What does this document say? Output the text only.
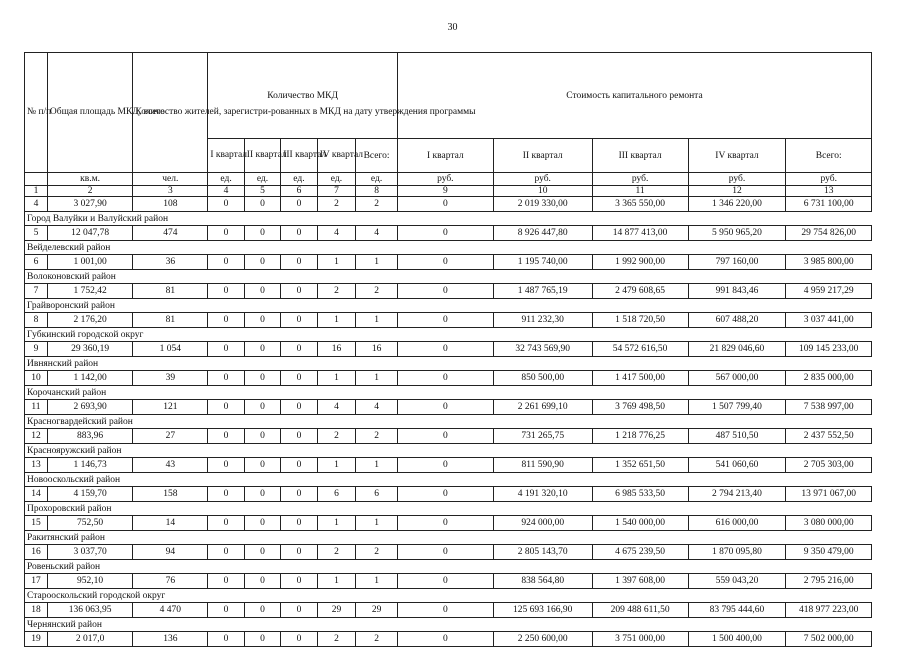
30
№ п/п	Общая площадь МКД, всего	Количество жителей, зарегистри-рованных в МКД на дату утверждения программы	Количество МКД					Стоимость капитального ремонта				
			I квартал	II квартал	III квартал	IV квартал	Всего:	I квартал	II квартал	III квартал	IV квартал	Всего:
	кв.м.	чел.	ед.	ед.	ед.	ед.	ед.	руб.	руб.	руб.	руб.	руб.
1	2	3	4	5	6	7	8	9	10	11	12	13
4	3 027,90	108	0	0	0	2	2	0	2 019 330,00	3 365 550,00	1 346 220,00	6 731 100,00
Город Валуйки и Валуйский район												
5	12 047,78	474	0	0	0	4	4	0	8 926 447,80	14 877 413,00	5 950 965,20	29 754 826,00
Вейделевский район												
6	1 001,00	36	0	0	0	1	1	0	1 195 740,00	1 992 900,00	797 160,00	3 985 800,00
Волоконовский район												
7	1 752,42	81	0	0	0	2	2	0	1 487 765,19	2 479 608,65	991 843,46	4 959 217,29
Грайворонский район												
8	2 176,20	81	0	0	0	1	1	0	911 232,30	1 518 720,50	607 488,20	3 037 441,00
Губкинский городской округ												
9	29 360,19	1 054	0	0	0	16	16	0	32 743 569,90	54 572 616,50	21 829 046,60	109 145 233,00
Ивнянский район												
10	1 142,00	39	0	0	0	1	1	0	850 500,00	1 417 500,00	567 000,00	2 835 000,00
Корочанский район												
11	2 693,90	121	0	0	0	4	4	0	2 261 699,10	3 769 498,50	1 507 799,40	7 538 997,00
Красногвардейский район												
12	883,96	27	0	0	0	2	2	0	731 265,75	1 218 776,25	487 510,50	2 437 552,50
Краснояружский район												
13	1 146,73	43	0	0	0	1	1	0	811 590,90	1 352 651,50	541 060,60	2 705 303,00
Новооскольский район												
14	4 159,70	158	0	0	0	6	6	0	4 191 320,10	6 985 533,50	2 794 213,40	13 971 067,00
Прохоровский район												
15	752,50	14	0	0	0	1	1	0	924 000,00	1 540 000,00	616 000,00	3 080 000,00
Ракитянский район												
16	3 037,70	94	0	0	0	2	2	0	2 805 143,70	4 675 239,50	1 870 095,80	9 350 479,00
Ровеньский район												
17	952,10	76	0	0	0	1	1	0	838 564,80	1 397 608,00	559 043,20	2 795 216,00
Старооскольский городской округ												
18	136 063,95	4 470	0	0	0	29	29	0	125 693 166,90	209 488 611,50	83 795 444,60	418 977 223,00
Чернянский район												
19	2 017,0	136	0	0	0	2	2	0	2 250 600,00	3 751 000,00	1 500 400,00	7 502 000,00
